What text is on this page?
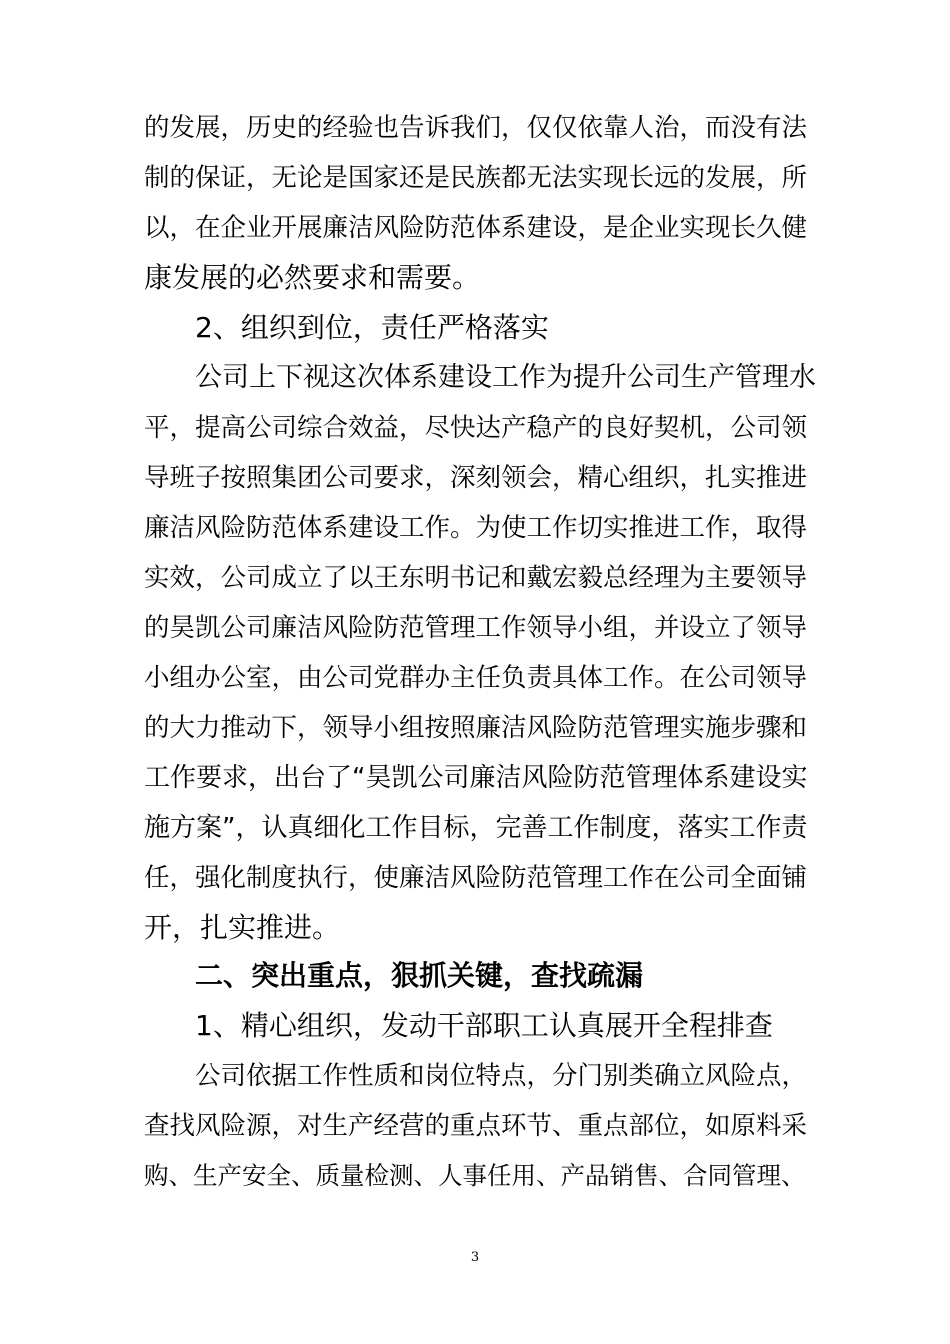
的发展，历史的经验也告诉我们，仅仅依靠人治，而没有法
制的保证，无论是国家还是民族都无法实现长远的发展，所
以，在企业开展廉洁风险防范体系建设，是企业实现长久健
康发展的必然要求和需要。
2、组织到位，责任严格落实
公司上下视这次体系建设工作为提升公司生产管理水
平，提高公司综合效益，尽快达产稳产的良好契机，公司领
导班子按照集团公司要求，深刻领会，精心组织，扎实推进
廉洁风险防范体系建设工作。为使工作切实推进工作，取得
实效，公司成立了以王东明书记和戴宏毅总经理为主要领导
的昊凯公司廉洁风险防范管理工作领导小组，并设立了领导
小组办公室，由公司党群办主任负责具体工作。在公司领导
的大力推动下，领导小组按照廉洁风险防范管理实施步骤和
工作要求，出台了“昊凯公司廉洁风险防范管理体系建设实
施方案”，认真细化工作目标，完善工作制度，落实工作责
任，强化制度执行，使廉洁风险防范管理工作在公司全面铺
开，扎实推进。
二、突出重点，狠抓关键，查找疏漏
1、精心组织，发动干部职工认真展开全程排查
公司依据工作性质和岗位特点，分门别类确立风险点，
查找风险源，对生产经营的重点环节、重点部位，如原料采
购、生产安全、质量检测、人事任用、产品销售、合同管理、
3
